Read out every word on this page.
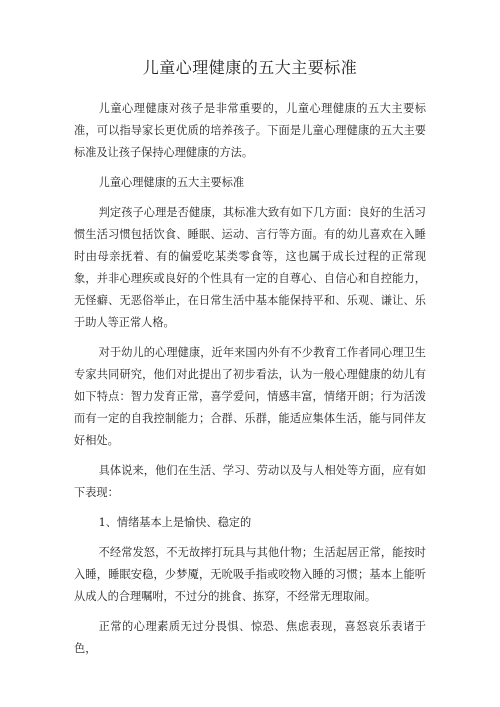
儿童心理健康的五大主要标准

儿童心理健康对孩子是非常重要的，儿童心理健康的五大主要标准，可以指导家长更优质的培养孩子。下面是儿童心理健康的五大主要标准及让孩子保持心理健康的方法。

儿童心理健康的五大主要标准

判定孩子心理是否健康，其标准大致有如下几方面：良好的生活习惯生活习惯包括饮食、睡眠、运动、言行等方面。有的幼儿喜欢在入睡时由母亲抚着、有的偏爱吃某类零食等，这也属于成长过程的正常现象，并非心理疾或良好的个性具有一定的自尊心、自信心和自控能力，无怪癖、无恶俗举止，在日常生活中基本能保持平和、乐观、谦让、乐于助人等正常人格。

对于幼儿的心理健康，近年来国内外有不少教育工作者同心理卫生专家共同研究，他们对此提出了初步看法，认为一般心理健康的幼儿有如下特点：智力发育正常，喜学爱问，情感丰富，情绪开朗；行为活泼而有一定的自我控制能力；合群、乐群，能适应集体生活，能与同伴友好相处。

具体说来，他们在生活、学习、劳动以及与人相处等方面，应有如下表现：

1、情绪基本上是愉快、稳定的

不经常发怒，不无故摔打玩具与其他什物；生活起居正常，能按时入睡，睡眠安稳，少梦魇，无吮吸手指或咬物入睡的习惯；基本上能听从成人的合理嘱咐，不过分的挑食、拣穿，不经常无理取闹。

正常的心理素质无过分畏惧、惊恐、焦虑表现，喜怒哀乐表诸于色，
